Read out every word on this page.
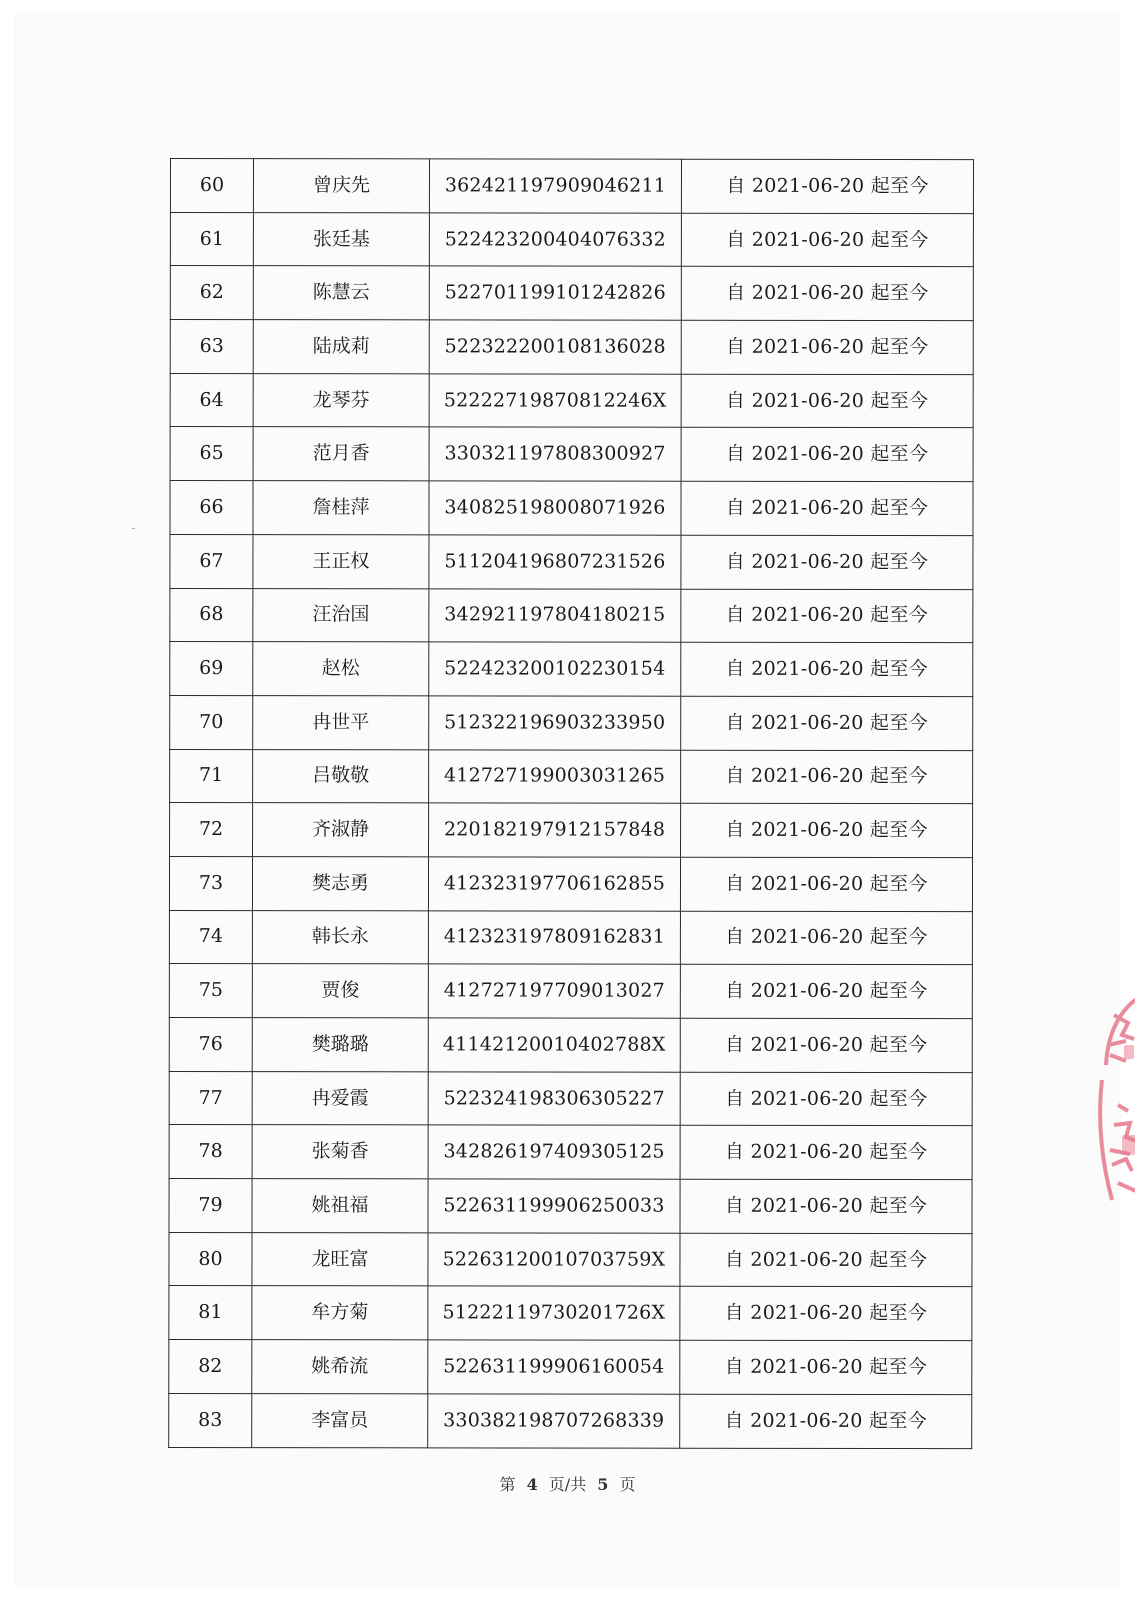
60	曾庆先	362421197909046211	自 2021-06-20 起至今
61	张廷基	522423200404076332	自 2021-06-20 起至今
62	陈慧云	522701199101242826	自 2021-06-20 起至今
63	陆成莉	522322200108136028	自 2021-06-20 起至今
64	龙琴芬	52222719870812246X	自 2021-06-20 起至今
65	范月香	330321197808300927	自 2021-06-20 起至今
66	詹桂萍	340825198008071926	自 2021-06-20 起至今
67	王正权	511204196807231526	自 2021-06-20 起至今
68	汪治国	342921197804180215	自 2021-06-20 起至今
69	赵松	522423200102230154	自 2021-06-20 起至今
70	冉世平	512322196903233950	自 2021-06-20 起至今
71	吕敬敬	412727199003031265	自 2021-06-20 起至今
72	齐淑静	220182197912157848	自 2021-06-20 起至今
73	樊志勇	412323197706162855	自 2021-06-20 起至今
74	韩长永	412323197809162831	自 2021-06-20 起至今
75	贾俊	412727197709013027	自 2021-06-20 起至今
76	樊璐璐	41142120010402788X	自 2021-06-20 起至今
77	冉爱霞	522324198306305227	自 2021-06-20 起至今
78	张菊香	342826197409305125	自 2021-06-20 起至今
79	姚祖福	522631199906250033	自 2021-06-20 起至今
80	龙旺富	52263120010703759X	自 2021-06-20 起至今
81	牟方菊	51222119730201726X	自 2021-06-20 起至今
82	姚希流	522631199906160054	自 2021-06-20 起至今
83	李富员	330382198707268339	自 2021-06-20 起至今
第 4 页/共 5 页
